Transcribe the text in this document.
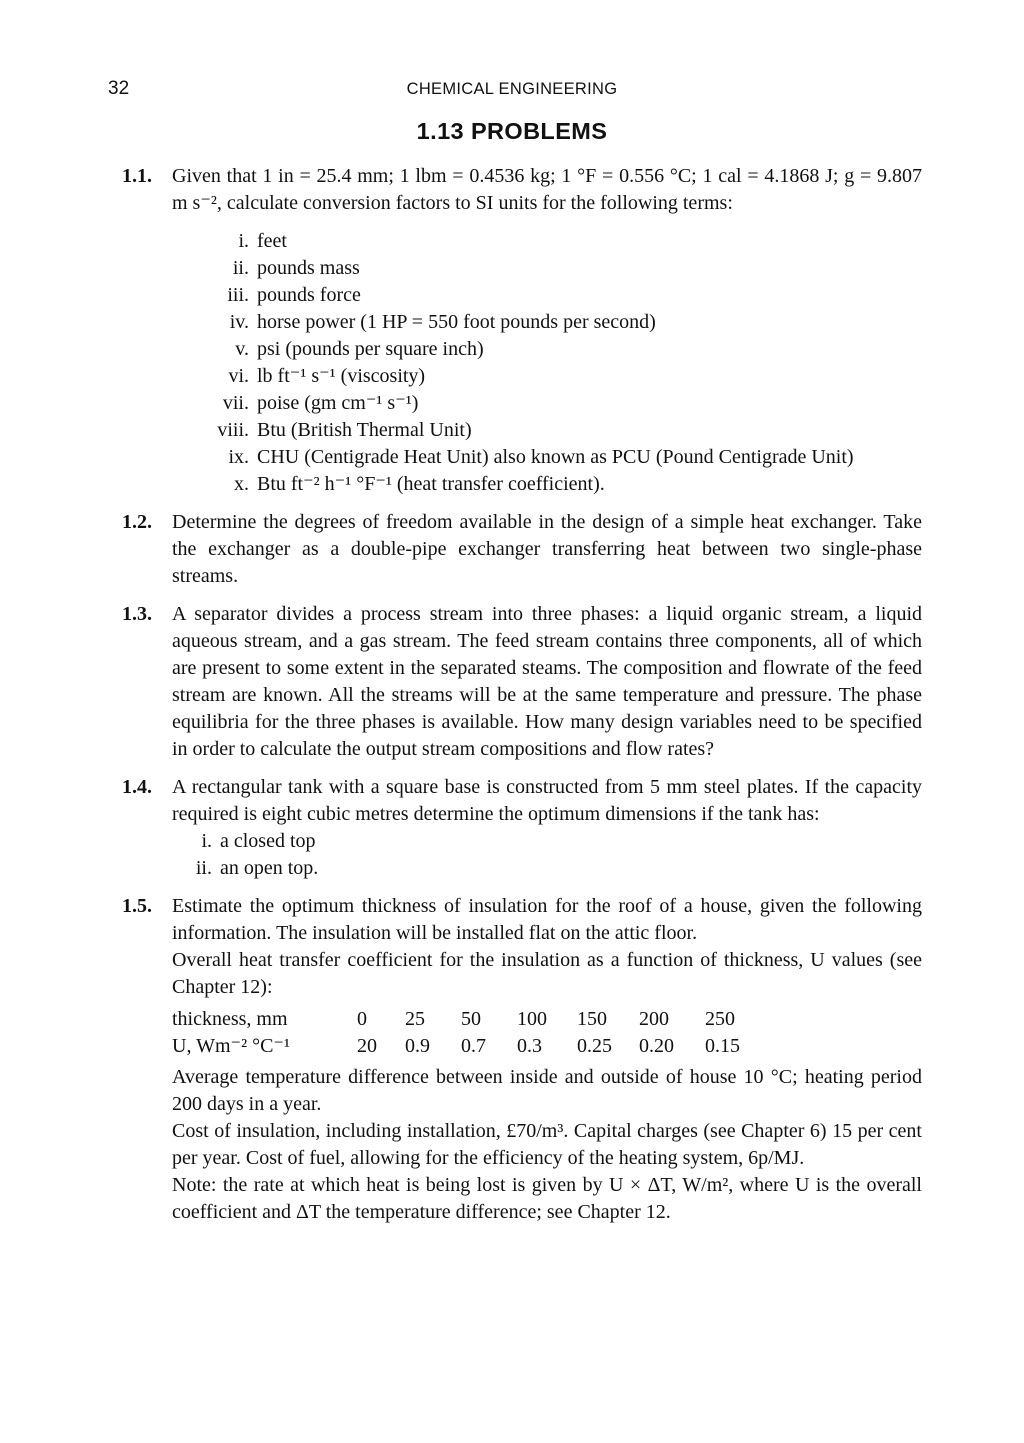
32	CHEMICAL ENGINEERING
1.13 PROBLEMS
1.1. Given that 1 in = 25.4 mm; 1 lbm = 0.4536 kg; 1 °F = 0.556 °C; 1 cal = 4.1868 J; g = 9.807 m s⁻², calculate conversion factors to SI units for the following terms:

i. feet
ii. pounds mass
iii. pounds force
iv. horse power (1 HP = 550 foot pounds per second)
v. psi (pounds per square inch)
vi. lb ft⁻¹ s⁻¹ (viscosity)
vii. poise (gm cm⁻¹ s⁻¹)
viii. Btu (British Thermal Unit)
ix. CHU (Centigrade Heat Unit) also known as PCU (Pound Centigrade Unit)
x. Btu ft⁻² h⁻¹ °F⁻¹ (heat transfer coefficient).
1.2. Determine the degrees of freedom available in the design of a simple heat exchanger. Take the exchanger as a double-pipe exchanger transferring heat between two single-phase streams.

1.3. A separator divides a process stream into three phases: a liquid organic stream, a liquid aqueous stream, and a gas stream. The feed stream contains three components, all of which are present to some extent in the separated steams. The composition and flowrate of the feed stream are known. All the streams will be at the same temperature and pressure. The phase equilibria for the three phases is available. How many design variables need to be specified in order to calculate the output stream compositions and flow rates?

1.4. A rectangular tank with a square base is constructed from 5 mm steel plates. If the capacity required is eight cubic metres determine the optimum dimensions if the tank has:

i. a closed top
ii. an open top.
1.5. Estimate the optimum thickness of insulation for the roof of a house, given the following information. The insulation will be installed flat on the attic floor.

Overall heat transfer coefficient for the insulation as a function of thickness, U values (see Chapter 12):

thickness, mm	0	25	50	100	150	200	250
U, Wm⁻² °C⁻¹	20	0.9	0.7	0.3	0.25	0.20	0.15

Average temperature difference between inside and outside of house 10 °C; heating period 200 days in a year.

Cost of insulation, including installation, £70/m³. Capital charges (see Chapter 6) 15 per cent per year. Cost of fuel, allowing for the efficiency of the heating system, 6p/MJ.

Note: the rate at which heat is being lost is given by U × ΔT, W/m², where U is the overall coefficient and ΔT the temperature difference; see Chapter 12.
